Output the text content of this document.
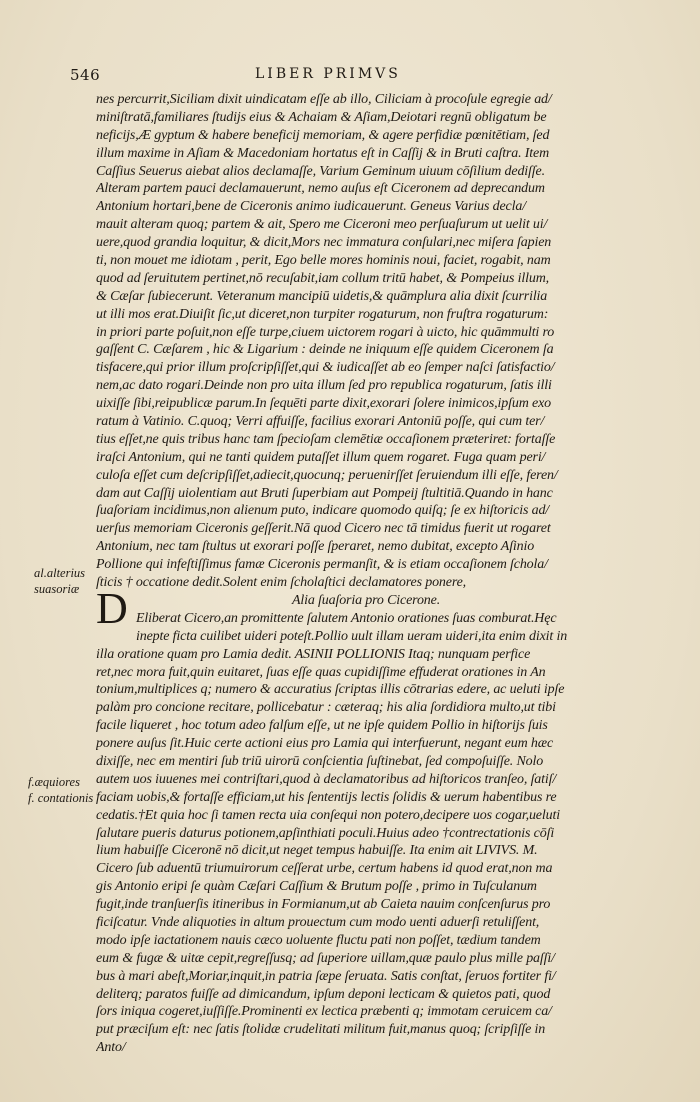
546	LIBER PRIMVS
al.alterius
suasoriæ
f.æquiores
f. contationis
D
nes percurrit,Siciliam dixit uindicatam eſſe ab illo, Ciliciam à procoſule egregie ad/
miniſtratā,familiares ſtudijs eius & Achaiam & Aſiam,Deiotari regnū obligatum be
neficijs,Æ gyptum & habere beneficij memoriam, & agere perfidiæ pœnitētiam, ſed
illum maxime in Aſiam & Macedoniam hortatus eſt in Caſſij & in Bruti caſtra. Item
Caſſius Seuerus aiebat alios declamaſſe, Varium Geminum uiuum cōſilium dediſſe.
Alteram partem pauci declamauerunt, nemo auſus eſt Ciceronem ad deprecandum
Antonium hortari,bene de Ciceronis animo iudicauerunt. Geneus Varius decla/
mauit alteram quoq; partem & ait, Spero me Ciceroni meo perſuaſurum ut uelit ui/
uere,quod grandia loquitur, & dicit,Mors nec immatura conſulari,nec miſera ſapien
ti, non mouet me idiotam , perit, Ego belle mores hominis noui, faciet, rogabit, nam
quod ad ſeruitutem pertinet,nō recuſabit,iam collum tritū habet, & Pompeius illum,
& Cæſar ſubiecerunt. Veteranum mancipiū uidetis,& quāmplura alia dixit ſcurrilia
ut illi mos erat.Diuiſit ſic,ut diceret,non turpiter rogaturum, non fruſtra rogaturum:
in priori parte poſuit,non eſſe turpe,ciuem uictorem rogari à uicto, hic quāmmulti ro
gaſſent C. Cæſarem , hic & Ligarium : deinde ne iniquum eſſe quidem Ciceronem ſa
tisfacere,qui prior illum proſcripſiſſet,qui & iudicaſſet ab eo ſemper naſci ſatisfactio/
nem,ac dato rogari.Deinde non pro uita illum ſed pro republica rogaturum, ſatis illi
uixiſſe ſibi,reipublicæ parum.In ſequēti parte dixit,exorari ſolere inimicos,ipſum exo
ratum à Vatinio. C.quoq; Verri affuiſſe, facilius exorari Antoniū poſſe, qui cum ter/
tius eſſet,ne quis tribus hanc tam ſpecioſam clemētiæ occaſionem præteriret: fortaſſe
iraſci Antonium, qui ne tanti quidem putaſſet illum quem rogaret. Fuga quam peri/
culoſa eſſet cum deſcripſiſſet,adiecit,quocunq; peruenirſſet ſeruiendum illi eſſe, feren/
dam aut Caſſij uiolentiam aut Bruti ſuperbiam aut Pompeij ſtultitiā.Quando in hanc
ſuaſoriam incidimus,non alienum puto, indicare quomodo quiſq; ſe ex hiſtoricis ad/
uerſus memoriam Ciceronis geſſerit.Nā quod Cicero nec tā timidus fuerit ut rogaret
Antonium, nec tam ſtultus ut exorari poſſe ſperaret, nemo dubitat, excepto Aſinio
Pollione qui infeſtiſſimus famæ Ciceronis permanſit, & is etiam occaſionem ſchola/
ſticis † occatione dedit.Solent enim ſcholaſtici declamatores ponere,
Alia ſuaſoria pro Cicerone.
Eliberat Cicero,an promittente ſalutem Antonio orationes ſuas comburat.Hęc
inepte ficta cuilibet uideri poteſt.Pollio uult illam ueram uideri,ita enim dixit in
illa oratione quam pro Lamia dedit. ASINII POLLIONIS Itaq; nunquam perfice
ret,nec mora fuit,quin euitaret, ſuas eſſe quas cupidiſſime effuderat orationes in An
tonium,multiplices q; numero & accuratius ſcriptas illis cōtrarias edere, ac ueluti ipſe
palàm pro concione recitare, pollicebatur : cæteraq; his alia ſordidiora multo,ut tibi
facile liqueret , hoc totum adeo falſum eſſe, ut ne ipſe quidem Pollio in hiſtorijs ſuis
ponere auſus ſit.Huic certe actioni eius pro Lamia qui interfuerunt, negant eum hæc
dixiſſe, nec em mentiri ſub triū uirorū conſcientia ſuſtinebat, ſed compoſuiſſe. Nolo
autem uos iuuenes mei contriſtari,quod à declamatoribus ad hiſtoricos tranſeo, ſatiſ/
faciam uobis,& fortaſſe efficiam,ut his ſententijs lectis ſolidis & uerum habentibus re
cedatis.†Et quia hoc ſi tamen recta uia conſequi non potero,decipere uos cogar,ueluti
ſalutare pueris daturus potionem,apſinthiati poculi.Huius adeo †contrectationis cōſi
lium habuiſſe Ciceronē nō dicit,ut neget tempus habuiſſe. Ita enim ait LIVIVS. M.
Cicero ſub aduentū triumuirorum ceſſerat urbe, certum habens id quod erat,non ma
gis Antonio eripi ſe quàm Cæſari Caſſium & Brutum poſſe , primo in Tuſculanum
fugit,inde tranſuerſis itineribus in Formianum,ut ab Caieta nauim conſcenſurus pro
ficiſcatur. Vnde aliquoties in altum prouectum cum modo uenti aduerſi retuliſſent,
modo ipſe iactationem nauis cæco uoluente fluctu pati non poſſet, tædium tandem
eum & fugæ & uitæ cepit,regreſſusq; ad ſuperiore uillam,quæ paulo plus mille paſſi/
bus à mari abeſt,Moriar,inquit,in patria ſæpe ſeruata. Satis conſtat, ſeruos fortiter fi/
deliterq; paratos fuiſſe ad dimicandum, ipſum deponi lecticam & quietos pati, quod
ſors iniqua cogeret,iuſſiſſe.Prominenti ex lectica præbenti q; immotam ceruicem ca/
put præciſum eſt: nec ſatis ſtolidæ crudelitati militum fuit,manus quoq; ſcripſiſſe in
Anto/
